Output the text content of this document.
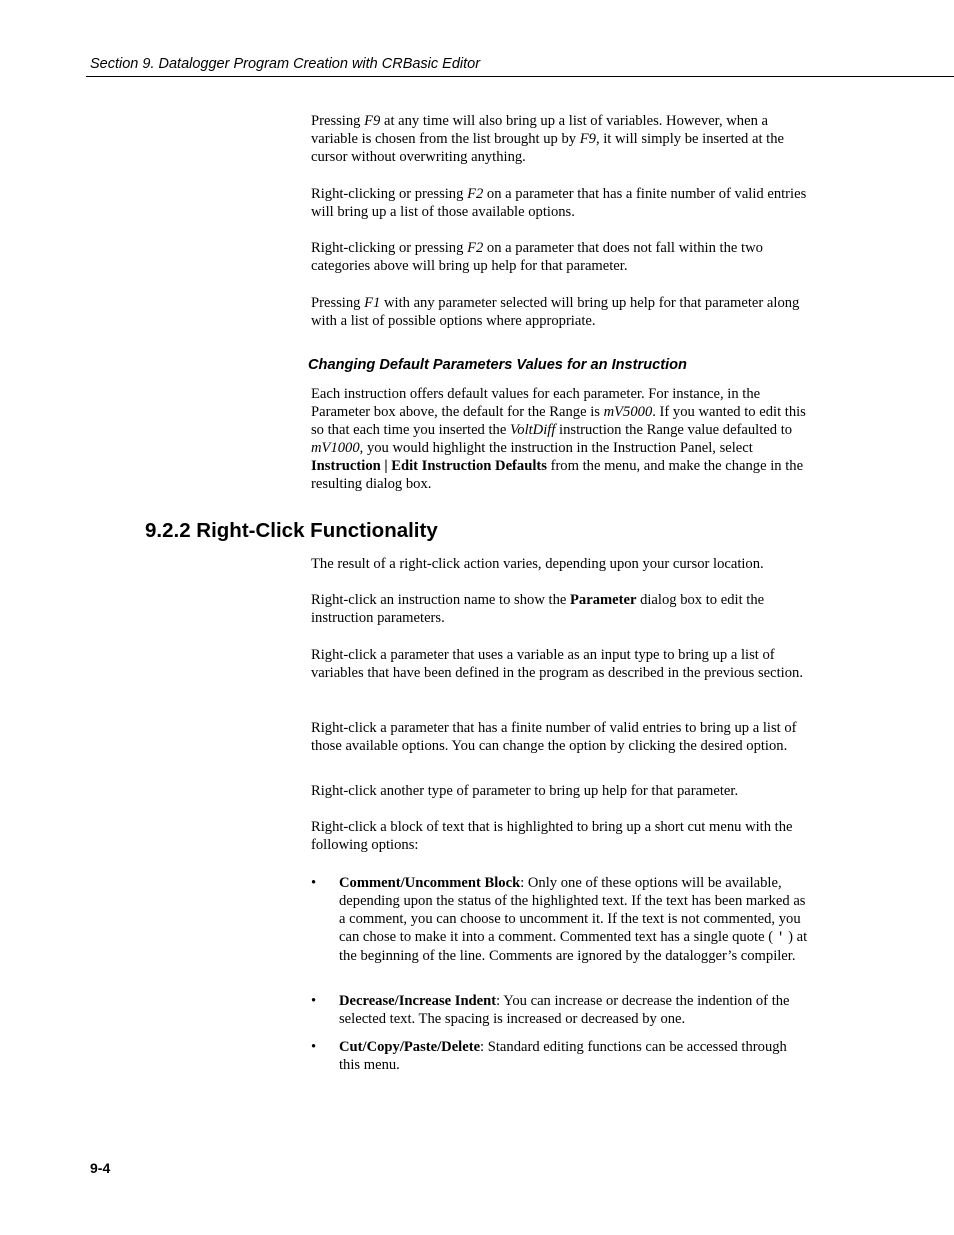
Section 9. Datalogger Program Creation with CRBasic Editor

Pressing F9 at any time will also bring up a list of variables. However, when a variable is chosen from the list brought up by F9, it will simply be inserted at the cursor without overwriting anything.

Right-clicking or pressing F2 on a parameter that has a finite number of valid entries will bring up a list of those available options.

Right-clicking or pressing F2 on a parameter that does not fall within the two categories above will bring up help for that parameter.

Pressing F1 with any parameter selected will bring up help for that parameter along with a list of possible options where appropriate.

Changing Default Parameters Values for an Instruction

Each instruction offers default values for each parameter. For instance, in the Parameter box above, the default for the Range is mV5000. If you wanted to edit this so that each time you inserted the VoltDiff instruction the Range value defaulted to mV1000, you would highlight the instruction in the Instruction Panel, select Instruction | Edit Instruction Defaults from the menu, and make the change in the resulting dialog box.

9.2.2 Right-Click Functionality

The result of a right-click action varies, depending upon your cursor location.

Right-click an instruction name to show the Parameter dialog box to edit the instruction parameters.

Right-click a parameter that uses a variable as an input type to bring up a list of variables that have been defined in the program as described in the previous section.

Right-click a parameter that has a finite number of valid entries to bring up a list of those available options. You can change the option by clicking the desired option.

Right-click another type of parameter to bring up help for that parameter.

Right-click a block of text that is highlighted to bring up a short cut menu with the following options:

• Comment/Uncomment Block: Only one of these options will be available, depending upon the status of the highlighted text. If the text has been marked as a comment, you can choose to uncomment it. If the text is not commented, you can chose to make it into a comment. Commented text has a single quote ( ' ) at the beginning of the line. Comments are ignored by the datalogger’s compiler.
• Decrease/Increase Indent: You can increase or decrease the indention of the selected text. The spacing is increased or decreased by one.
• Cut/Copy/Paste/Delete: Standard editing functions can be accessed through this menu.
9-4
